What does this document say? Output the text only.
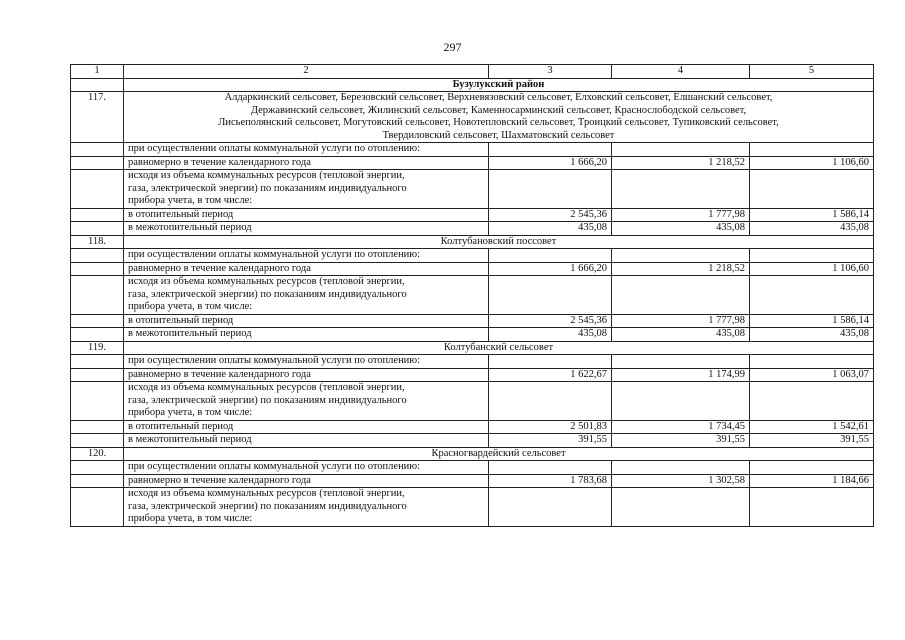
297
1	2	3	4	5
	Бузулукский район			
117.	Алдаркинский сельсовет, Березовский сельсовет, Верхневязовский сельсовет, Елховский сельсовет, Елшанский сельсовет,
Державинский сельсовет, Жилинский сельсовет, Каменносарминский сельсовет, Краснослободской сельсовет,
Лисьеполянский сельсовет, Могутовский сельсовет, Новотепловский сельсовет, Троицкий сельсовет, Тупиковский сельсовет,
Твердиловский сельсовет, Шахматовский сельсовет			

	при осуществлении оплаты коммунальной услуги по отоплению:			

	равномерно в течение календарного года	1 666,20	1 218,52	1 106,60

	исходя из объема коммунальных ресурсов (тепловой энергии,
газа, электрической энергии) по показаниям индивидуального
прибора учета, в том числе:			

	в отопительный период	2 545,36	1 777,98	1 586,14

	в межотопительный период	435,08	435,08	435,08
118.	Колтубановский поссовет			

	при осуществлении оплаты коммунальной услуги по отоплению:			

	равномерно в течение календарного года	1 666,20	1 218,52	1 106,60

	исходя из объема коммунальных ресурсов (тепловой энергии,
газа, электрической энергии) по показаниям индивидуального
прибора учета, в том числе:			

	в отопительный период	2 545,36	1 777,98	1 586,14

	в межотопительный период	435,08	435,08	435,08
119.	Колтубанский сельсовет			

	при осуществлении оплаты коммунальной услуги по отоплению:			

	равномерно в течение календарного года	1 622,67	1 174,99	1 063,07

	исходя из объема коммунальных ресурсов (тепловой энергии,
газа, электрической энергии) по показаниям индивидуального
прибора учета, в том числе:			

	в отопительный период	2 501,83	1 734,45	1 542,61

	в межотопительный период	391,55	391,55	391,55
120.	Красногвардейский сельсовет			

	при осуществлении оплаты коммунальной услуги по отоплению:			

	равномерно в течение календарного года	1 783,68	1 302,58	1 184,66

	исходя из объема коммунальных ресурсов (тепловой энергии,
газа, электрической энергии) по показаниям индивидуального
прибора учета, в том числе:			
